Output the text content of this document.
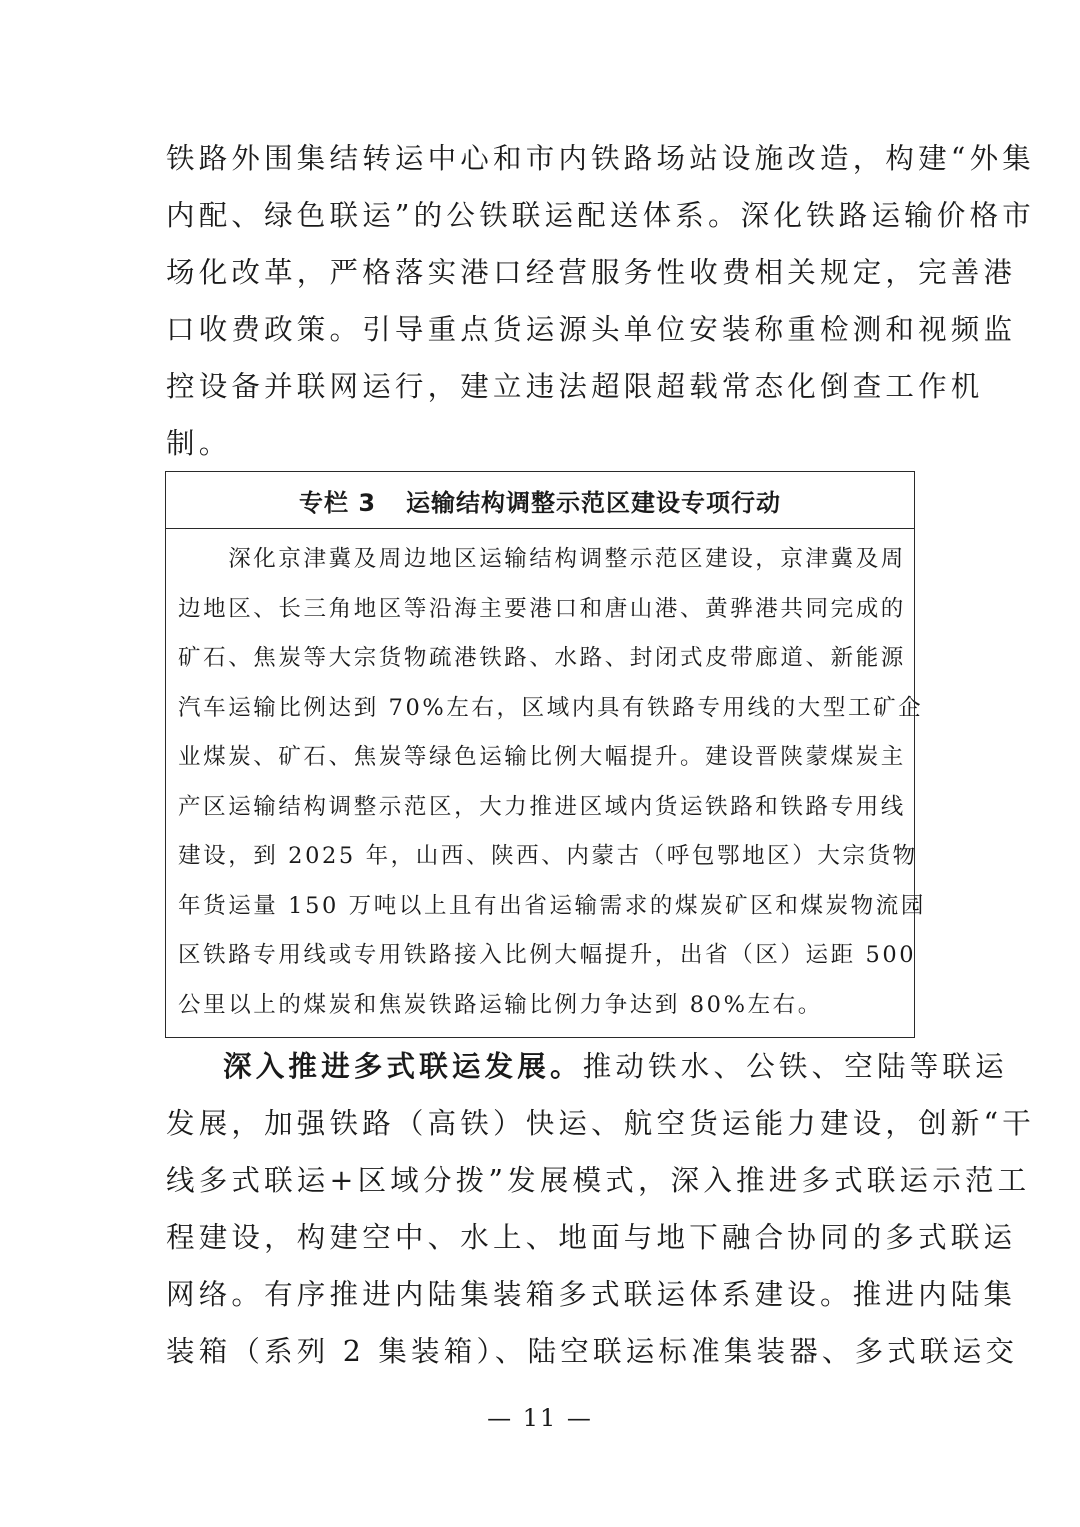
铁路外围集结转运中心和市内铁路场站设施改造，构建“外集
内配、绿色联运”的公铁联运配送体系。深化铁路运输价格市
场化改革，严格落实港口经营服务性收费相关规定，完善港
口收费政策。引导重点货运源头单位安装称重检测和视频监
控设备并联网运行，建立违法超限超载常态化倒查工作机
制。
专栏 3 运输结构调整示范区建设专项行动
　　深化京津冀及周边地区运输结构调整示范区建设，京津冀及周
边地区、长三角地区等沿海主要港口和唐山港、黄骅港共同完成的
矿石、焦炭等大宗货物疏港铁路、水路、封闭式皮带廊道、新能源
汽车运输比例达到 70%左右，区域内具有铁路专用线的大型工矿企
业煤炭、矿石、焦炭等绿色运输比例大幅提升。建设晋陕蒙煤炭主
产区运输结构调整示范区，大力推进区域内货运铁路和铁路专用线
建设，到 2025 年，山西、陕西、内蒙古（呼包鄂地区）大宗货物
年货运量 150 万吨以上且有出省运输需求的煤炭矿区和煤炭物流园
区铁路专用线或专用铁路接入比例大幅提升，出省（区）运距 500
公里以上的煤炭和焦炭铁路运输比例力争达到 80%左右。
深入推进多式联运发展。推动铁水、公铁、空陆等联运
发展，加强铁路（高铁）快运、航空货运能力建设，创新“干
线多式联运+区域分拨”发展模式，深入推进多式联运示范工
程建设，构建空中、水上、地面与地下融合协同的多式联运
网络。有序推进内陆集装箱多式联运体系建设。推进内陆集
装箱（系列 2 集装箱）、陆空联运标准集装器、多式联运交
— 11 —
